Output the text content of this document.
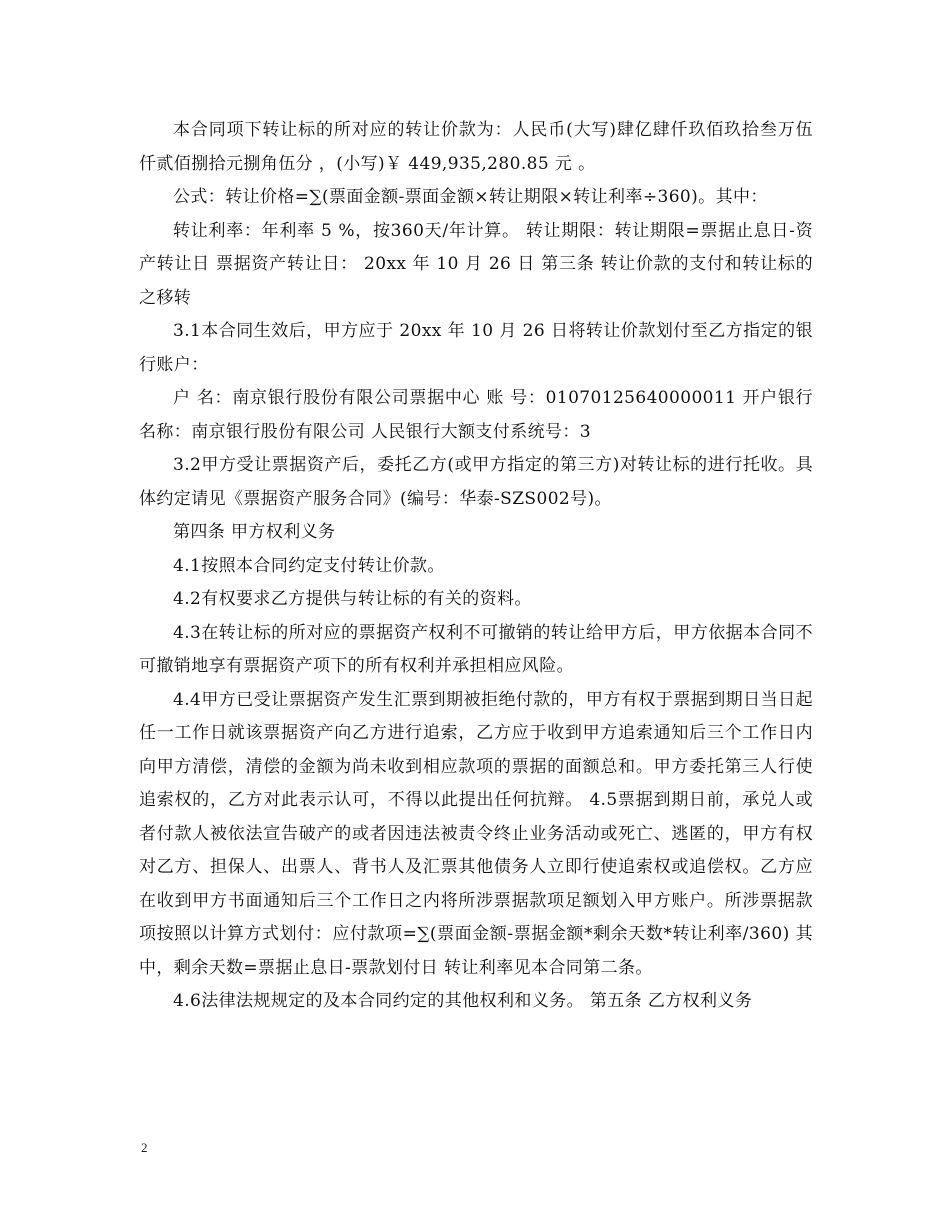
本合同项下转让标的所对应的转让价款为：人民币(大写)肆亿肆仟玖佰玖拾叁万伍仟贰佰捌拾元捌角伍分 ，(小写)￥ 449,935,280.85 元 。

公式：转让价格=∑(票面金额-票面金额×转让期限×转让利率÷360)。其中：

转让利率：年利率 5 %，按360天/年计算。 转让期限：转让期限=票据止息日-资产转让日 票据资产转让日： 20xx 年 10 月 26 日 第三条 转让价款的支付和转让标的之移转

3.1本合同生效后，甲方应于 20xx 年 10 月 26 日将转让价款划付至乙方指定的银行账户：

户 名：南京银行股份有限公司票据中心 账 号：01070125640000011 开户银行名称：南京银行股份有限公司 人民银行大额支付系统号：3

3.2甲方受让票据资产后，委托乙方(或甲方指定的第三方)对转让标的进行托收。具体约定请见《票据资产服务合同》(编号：华泰-SZS002号)。

第四条 甲方权利义务

4.1按照本合同约定支付转让价款。

4.2有权要求乙方提供与转让标的有关的资料。

4.3在转让标的所对应的票据资产权利不可撤销的转让给甲方后，甲方依据本合同不可撤销地享有票据资产项下的所有权利并承担相应风险。

4.4甲方已受让票据资产发生汇票到期被拒绝付款的，甲方有权于票据到期日当日起任一工作日就该票据资产向乙方进行追索，乙方应于收到甲方追索通知后三个工作日内向甲方清偿，清偿的金额为尚未收到相应款项的票据的面额总和。甲方委托第三人行使追索权的，乙方对此表示认可，不得以此提出任何抗辩。 4.5票据到期日前，承兑人或者付款人被依法宣告破产的或者因违法被责令终止业务活动或死亡、逃匿的，甲方有权对乙方、担保人、出票人、背书人及汇票其他债务人立即行使追索权或追偿权。乙方应在收到甲方书面通知后三个工作日之内将所涉票据款项足额划入甲方账户。所涉票据款项按照以计算方式划付：应付款项=∑(票面金额-票据金额*剩余天数*转让利率/360) 其中，剩余天数=票据止息日-票款划付日 转让利率见本合同第二条。

4.6法律法规规定的及本合同约定的其他权利和义务。 第五条 乙方权利义务

2
